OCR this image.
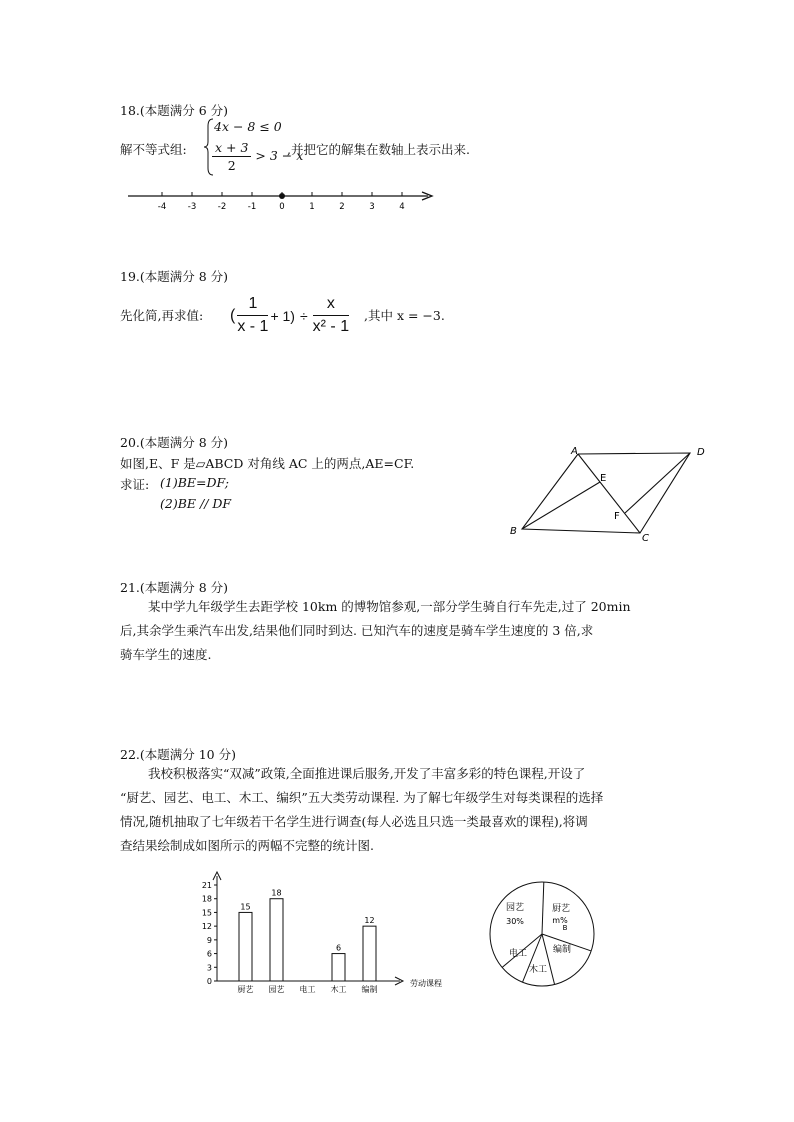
18.(本题满分 6 分)
解不等式组:
4x − 8 ≤ 0
$\frac{x + 3}{2} > 3 - x$
,并把它的解集在数轴上表示出来.
-4	-3	-2	-1	0	1	2	3	4
19.(本题满分 8 分)
先化简,再求值: ( $\frac{1}{x - 1} + 1) \div \frac{x}{\text{x² - 1}}$ ,其中 x = −3.
20.(本题满分 8 分)
如图,E、F 是▱ABCD 对角线 AC 上的两点,AE=CF.
求证: (1)BE=DF;
(2)BE // DF
A
B
C
D
E
F
21.(本题满分 8 分)
某中学九年级学生去距学校 10km 的博物馆参观,一部分学生骑自行车先走,过了 20min
后,其余学生乘汽车出发,结果他们同时到达. 已知汽车的速度是骑车学生速度的 3 倍,求
骑车学生的速度.
22.(本题满分 10 分)
我校积极落实“双减”政策,全面推进课后服务,开发了丰富多彩的特色课程,开设了
“厨艺、园艺、电工、木工、编织”五大类劳动课程. 为了解七年级学生对每类课程的选择
情况,随机抽取了七年级若干名学生进行调查(每人必选且只选一类最喜欢的课程),将调
查结果绘制成如图所示的两幅不完整的统计图.
0
3
6
9
12
15
18
21
15
厨艺
18
园艺 电工
6
木工
12
编制
劳动课程
园艺
30%
厨艺
m%
编制
木工
电工
B
